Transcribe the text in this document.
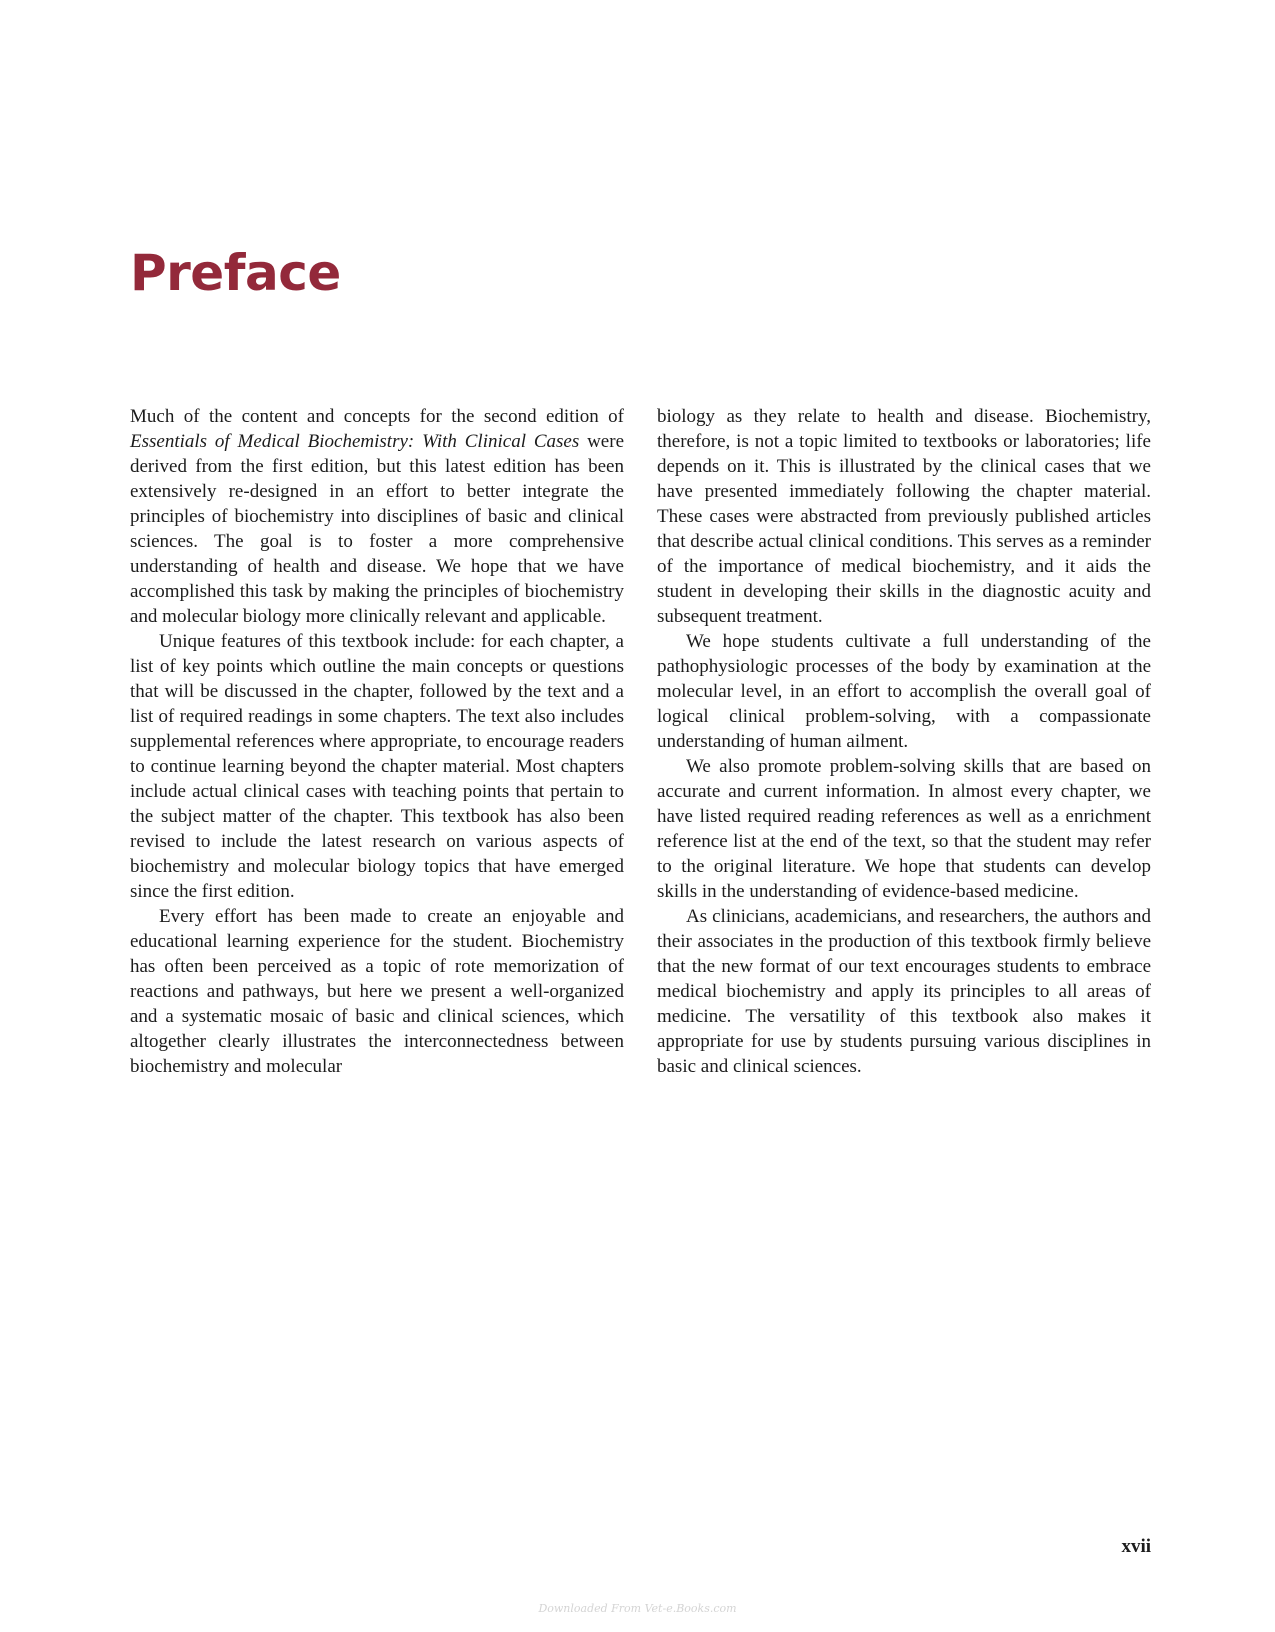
Preface

Much of the content and concepts for the second edition of Essentials of Medical Biochemistry: With Clinical Cases were derived from the first edition, but this latest edition has been extensively re-designed in an effort to better integrate the principles of biochemistry into disciplines of basic and clinical sciences. The goal is to foster a more comprehensive understanding of health and disease. We hope that we have accomplished this task by making the principles of biochemistry and molecular biology more clinically relevant and applicable.

Unique features of this textbook include: for each chapter, a list of key points which outline the main concepts or questions that will be discussed in the chapter, followed by the text and a list of required readings in some chapters. The text also includes supplemental references where appropriate, to encourage readers to continue learning beyond the chapter material. Most chapters include actual clinical cases with teaching points that pertain to the subject matter of the chapter. This textbook has also been revised to include the latest research on various aspects of biochemistry and molecular biology topics that have emerged since the first edition.

Every effort has been made to create an enjoyable and educational learning experience for the student. Biochemistry has often been perceived as a topic of rote memorization of reactions and pathways, but here we present a well-organized and a systematic mosaic of basic and clinical sciences, which altogether clearly illustrates the interconnectedness between biochemistry and molecular

biology as they relate to health and disease. Biochemistry, therefore, is not a topic limited to textbooks or laboratories; life depends on it. This is illustrated by the clinical cases that we have presented immediately following the chapter material. These cases were abstracted from previously published articles that describe actual clinical conditions. This serves as a reminder of the importance of medical biochemistry, and it aids the student in developing their skills in the diagnostic acuity and subsequent treatment.

We hope students cultivate a full understanding of the pathophysiologic processes of the body by examination at the molecular level, in an effort to accomplish the overall goal of logical clinical problem-solving, with a compassionate understanding of human ailment.

We also promote problem-solving skills that are based on accurate and current information. In almost every chapter, we have listed required reading references as well as a enrichment reference list at the end of the text, so that the student may refer to the original literature. We hope that students can develop skills in the understanding of evidence-based medicine.

As clinicians, academicians, and researchers, the authors and their associates in the production of this textbook firmly believe that the new format of our text encourages students to embrace medical biochemistry and apply its principles to all areas of medicine. The versatility of this textbook also makes it appropriate for use by students pursuing various disciplines in basic and clinical sciences.

xvii

Downloaded From Vet-e.Books.com
